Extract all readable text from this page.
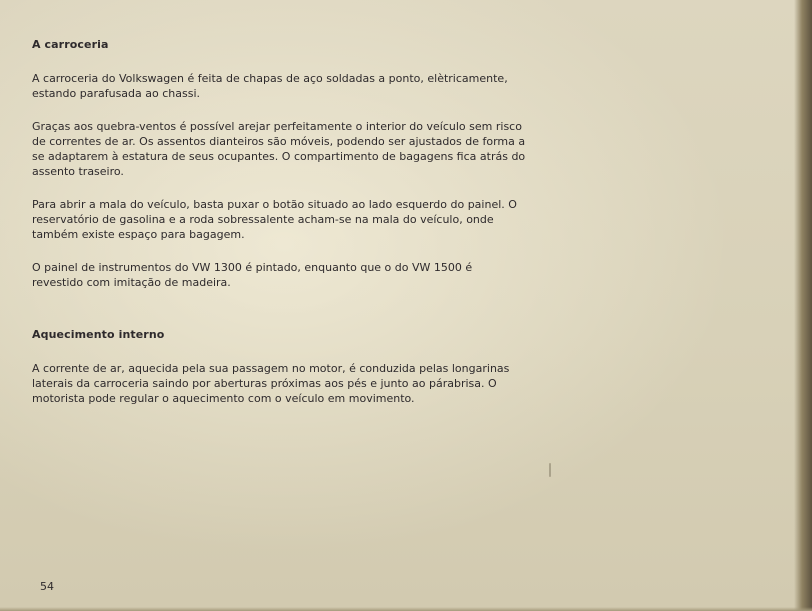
A carroceria

A carroceria do Volkswagen é feita de chapas de aço soldadas a ponto, elètricamente, estando parafusada ao chassi.

Graças aos quebra-ventos é possível arejar perfeitamente o interior do veículo sem risco de correntes de ar. Os assentos dianteiros são móveis, podendo ser ajustados de forma a se adaptarem à estatura de seus ocupantes. O compartimento de bagagens fica atrás do assento traseiro.

Para abrir a mala do veículo, basta puxar o botão situado ao lado esquerdo do painel. O reservatório de gasolina e a roda sobressalente acham-se na mala do veículo, onde também existe espaço para bagagem.

O painel de instrumentos do VW 1300 é pintado, enquanto que o do VW 1500 é revestido com imitação de madeira.

Aquecimento interno

A corrente de ar, aquecida pela sua passagem no motor, é conduzida pelas longarinas laterais da carroceria saindo por aberturas próximas aos pés e junto ao párabrisa. O motorista pode regular o aquecimento com o veículo em movimento.

54
